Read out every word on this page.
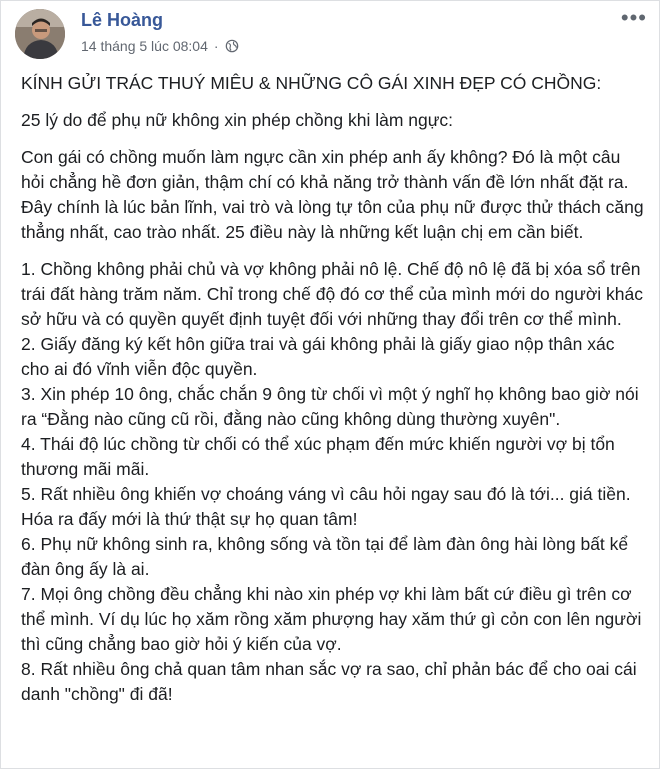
Lê Hoàng
14 tháng 5 lúc 08:04 ·
•••

KÍNH GỬI TRÁC THUÝ MIÊU & NHỮNG CÔ GÁI XINH ĐẸP CÓ CHỒNG:

25 lý do để phụ nữ không xin phép chồng khi làm ngực:

Con gái có chồng muốn làm ngực cần xin phép anh ấy không? Đó là một câu hỏi chẳng hề đơn giản, thậm chí có khả năng trở thành vấn đề lớn nhất đặt ra.

Đây chính là lúc bản lĩnh, vai trò và lòng tự tôn của phụ nữ được thử thách căng thẳng nhất, cao trào nhất. 25 điều này là những kết luận chị em cần biết.

1. Chồng không phải chủ và vợ không phải nô lệ. Chế độ nô lệ đã bị xóa sổ trên trái đất hàng trăm năm. Chỉ trong chế độ đó cơ thể của mình mới do người khác sở hữu và có quyền quyết định tuyệt đối với những thay đổi trên cơ thể mình.
2. Giấy đăng ký kết hôn giữa trai và gái không phải là giấy giao nộp thân xác cho ai đó vĩnh viễn độc quyền.
3. Xin phép 10 ông, chắc chắn 9 ông từ chối vì một ý nghĩ họ không bao giờ nói ra “Đằng nào cũng cũ rồi, đằng nào cũng không dùng thường xuyên".
4. Thái độ lúc chồng từ chối có thể xúc phạm đến mức khiến người vợ bị tổn thương mãi mãi.
5. Rất nhiều ông khiến vợ choáng váng vì câu hỏi ngay sau đó là tới... giá tiền. Hóa ra đấy mới là thứ thật sự họ quan tâm!
6. Phụ nữ không sinh ra, không sống và tồn tại để làm đàn ông hài lòng bất kể đàn ông ấy là ai.
7. Mọi ông chồng đều chẳng khi nào xin phép vợ khi làm bất cứ điều gì trên cơ thể mình. Ví dụ lúc họ xăm rồng xăm phượng hay xăm thứ gì cỏn con lên người thì cũng chẳng bao giờ hỏi ý kiến của vợ.
8. Rất nhiều ông chả quan tâm nhan sắc vợ ra sao, chỉ phản bác để cho oai cái danh "chồng" đi đã!
